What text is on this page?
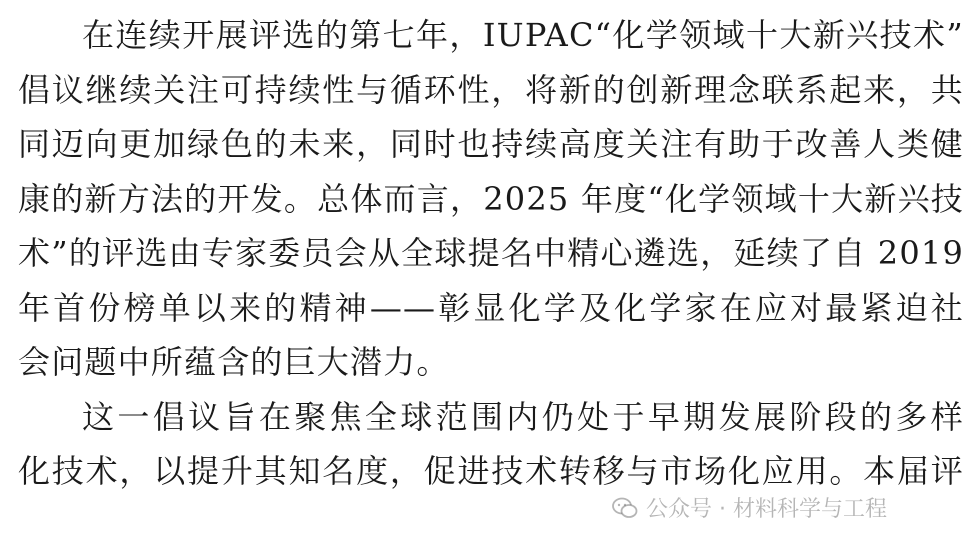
在连续开展评选的第七年，IUPAC“化学领域十大新兴技术”
倡议继续关注可持续性与循环性，将新的创新理念联系起来，共
同迈向更加绿色的未来，同时也持续高度关注有助于改善人类健
康的新方法的开发。总体而言，2025 年度“化学领域十大新兴技
术”的评选由专家委员会从全球提名中精心遴选，延续了自 2019
年首份榜单以来的精神——彰显化学及化学家在应对最紧迫社
会问题中所蕴含的巨大潜力。

这一倡议旨在聚焦全球范围内仍处于早期发展阶段的多样
化技术，以提升其知名度，促进技术转移与市场化应用。本届评

公众号 · 材料科学与工程
